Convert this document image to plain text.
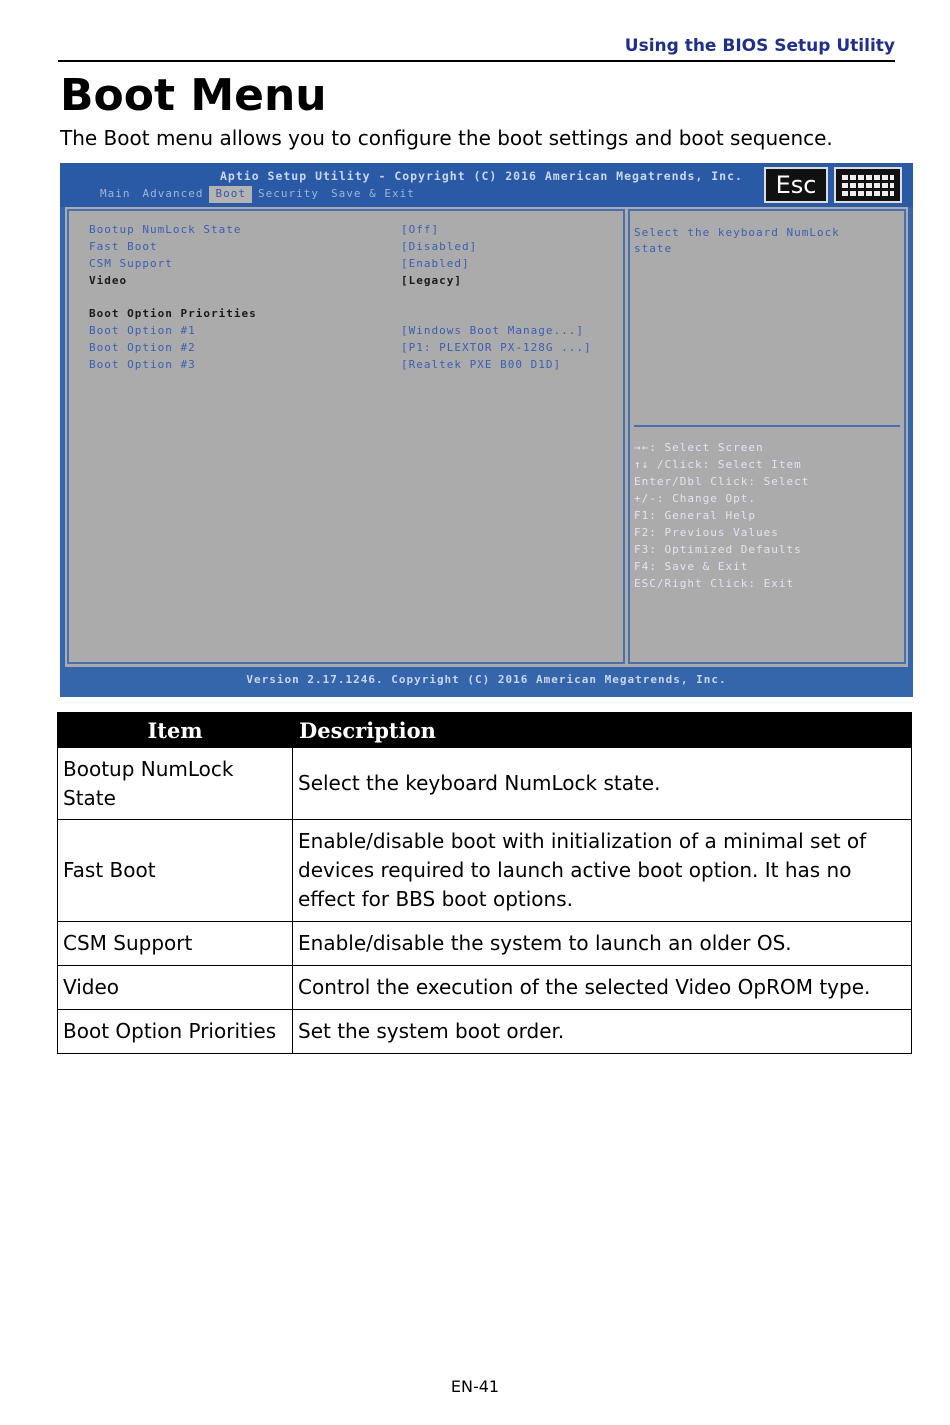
Using the BIOS Setup Utility
Boot Menu

The Boot menu allows you to configure the boot settings and boot sequence.

Aptio Setup Utility - Copyright (C) 2016 American Megatrends, Inc.
Main	Advanced	Boot	Security	Save & Exit	Esc
Bootup NumLock State	[Off]
Fast Boot	[Disabled]
CSM Support	[Enabled]
Video	[Legacy]
Boot Option Priorities
Boot Option #1	[Windows Boot Manage...]
Boot Option #2	[P1: PLEXTOR PX-128G ...]
Boot Option #3	[Realtek PXE B00 D1D]
Select the keyboard NumLock state
→←: Select Screen
↑↓ /Click: Select Item
Enter/Dbl Click: Select
+/-: Change Opt.
F1: General Help
F2: Previous Values
F3: Optimized Defaults
F4: Save & Exit
ESC/Right Click: Exit
Version 2.17.1246. Copyright (C) 2016 American Megatrends, Inc.
Item	Description
Bootup NumLock State	Select the keyboard NumLock state.
Fast Boot	Enable/disable boot with initialization of a minimal set of devices required to launch active boot option. It has no effect for BBS boot options.
CSM Support	Enable/disable the system to launch an older OS.
Video	Control the execution of the selected Video OpROM type.
Boot Option Priorities	Set the system boot order.
EN-41
